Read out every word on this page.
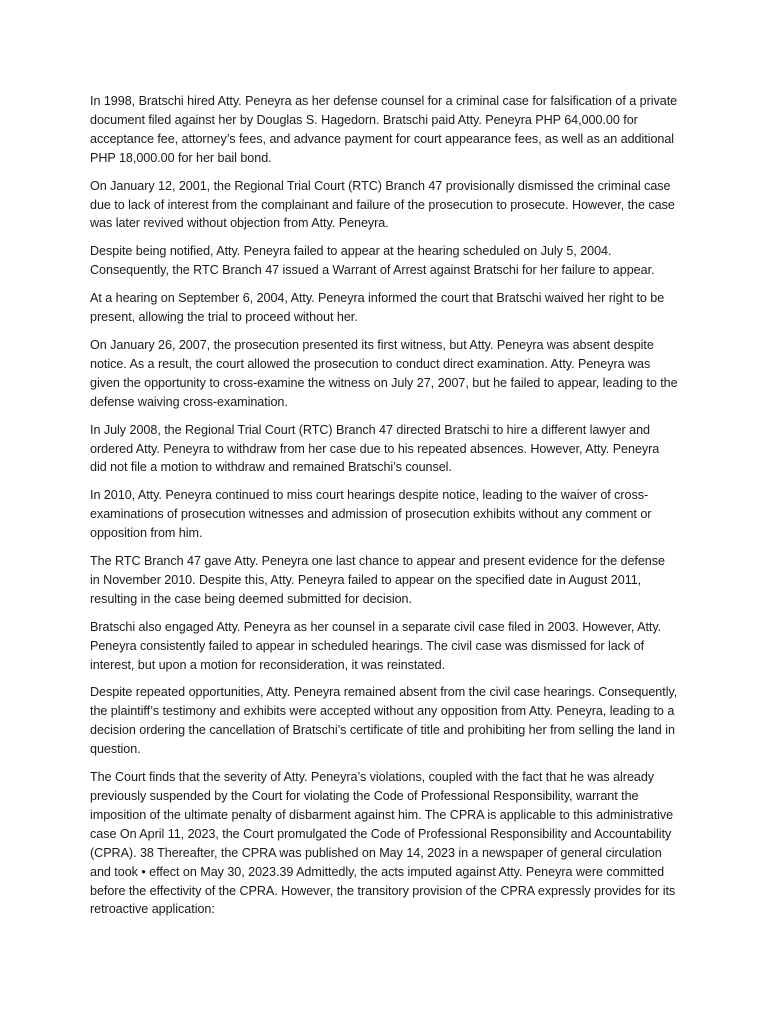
In 1998, Bratschi hired Atty. Peneyra as her defense counsel for a criminal case for falsification of a private document filed against her by Douglas S. Hagedorn. Bratschi paid Atty. Peneyra PHP 64,000.00 for acceptance fee, attorney’s fees, and advance payment for court appearance fees, as well as an additional PHP 18,000.00 for her bail bond.

On January 12, 2001, the Regional Trial Court (RTC) Branch 47 provisionally dismissed the criminal case due to lack of interest from the complainant and failure of the prosecution to prosecute. However, the case was later revived without objection from Atty. Peneyra.

Despite being notified, Atty. Peneyra failed to appear at the hearing scheduled on July 5, 2004. Consequently, the RTC Branch 47 issued a Warrant of Arrest against Bratschi for her failure to appear.

At a hearing on September 6, 2004, Atty. Peneyra informed the court that Bratschi waived her right to be present, allowing the trial to proceed without her.

On January 26, 2007, the prosecution presented its first witness, but Atty. Peneyra was absent despite notice. As a result, the court allowed the prosecution to conduct direct examination. Atty. Peneyra was given the opportunity to cross-examine the witness on July 27, 2007, but he failed to appear, leading to the defense waiving cross-examination.

In July 2008, the Regional Trial Court (RTC) Branch 47 directed Bratschi to hire a different lawyer and ordered Atty. Peneyra to withdraw from her case due to his repeated absences. However, Atty. Peneyra did not file a motion to withdraw and remained Bratschi’s counsel.

In 2010, Atty. Peneyra continued to miss court hearings despite notice, leading to the waiver of cross-examinations of prosecution witnesses and admission of prosecution exhibits without any comment or opposition from him.

The RTC Branch 47 gave Atty. Peneyra one last chance to appear and present evidence for the defense in November 2010. Despite this, Atty. Peneyra failed to appear on the specified date in August 2011, resulting in the case being deemed submitted for decision.

Bratschi also engaged Atty. Peneyra as her counsel in a separate civil case filed in 2003. However, Atty. Peneyra consistently failed to appear in scheduled hearings. The civil case was dismissed for lack of interest, but upon a motion for reconsideration, it was reinstated.

Despite repeated opportunities, Atty. Peneyra remained absent from the civil case hearings. Consequently, the plaintiff’s testimony and exhibits were accepted without any opposition from Atty. Peneyra, leading to a decision ordering the cancellation of Bratschi’s certificate of title and prohibiting her from selling the land in question.

The Court finds that the severity of Atty. Peneyra’s violations, coupled with the fact that he was already previously suspended by the Court for violating the Code of Professional Responsibility, warrant the imposition of the ultimate penalty of disbarment against him. The CPRA is applicable to this administrative case On April 11, 2023, the Court promulgated the Code of Professional Responsibility and Accountability (CPRA). 38 Thereafter, the CPRA was published on May 14, 2023 in a newspaper of general circulation and took • effect on May 30, 2023.39 Admittedly, the acts imputed against Atty. Peneyra were committed before the effectivity of the CPRA. However, the transitory provision of the CPRA expressly provides for its retroactive application:
